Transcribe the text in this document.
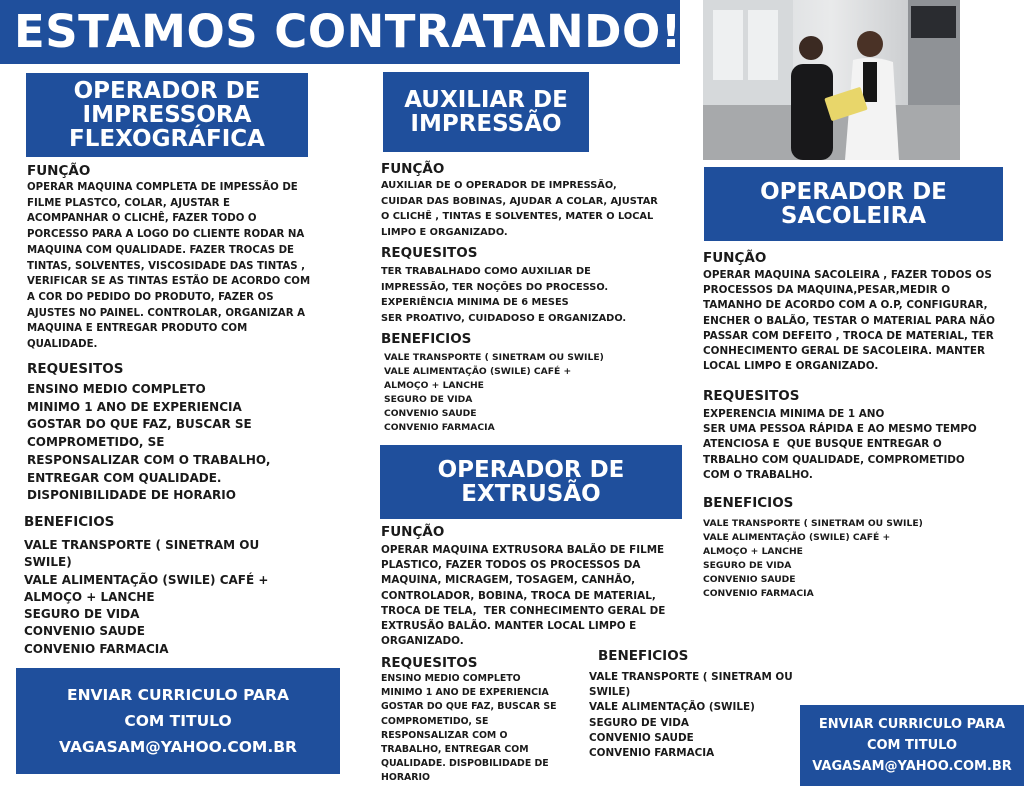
ESTAMOS CONTRATANDO!
OPERADOR DE
IMPRESSORA
FLEXOGRÁFICA
FUNÇÃO
OPERAR MAQUINA COMPLETA DE IMPESSÃO DE
FILME PLASTCO, COLAR, AJUSTAR E
ACOMPANHAR O CLICHÊ, FAZER TODO O
PORCESSO PARA A LOGO DO CLIENTE RODAR NA
MAQUINA COM QUALIDADE. FAZER TROCAS DE
TINTAS, SOLVENTES, VISCOSIDADE DAS TINTAS ,
VERIFICAR SE AS TINTAS ESTÃO DE ACORDO COM
A COR DO PEDIDO DO PRODUTO, FAZER OS
AJUSTES NO PAINEL. CONTROLAR, ORGANIZAR A
MAQUINA E ENTREGAR PRODUTO COM
QUALIDADE.
REQUESITOS
ENSINO MEDIO COMPLETO
MINIMO 1 ANO DE EXPERIENCIA
GOSTAR DO QUE FAZ, BUSCAR SE
COMPROMETIDO, SE
RESPONSALIZAR COM O TRABALHO,
ENTREGAR COM QUALIDADE.
DISPONIBILIDADE DE HORARIO
BENEFICIOS
VALE TRANSPORTE ( SINETRAM OU
SWILE)
VALE ALIMENTAÇÃO (SWILE) CAFÉ +
ALMOÇO + LANCHE
SEGURO DE VIDA
CONVENIO SAUDE
CONVENIO FARMACIA
ENVIAR CURRICULO PARA
COM TITULO
VAGASAM@YAHOO.COM.BR
AUXILIAR DE
IMPRESSÃO
FUNÇÃO
AUXILIAR DE O OPERADOR DE IMPRESSÃO,
CUIDAR DAS BOBINAS, AJUDAR A COLAR, AJUSTAR
O CLICHÊ , TINTAS E SOLVENTES, MATER O LOCAL
LIMPO E ORGANIZADO.
REQUESITOS
TER TRABALHADO COMO AUXILIAR DE
IMPRESSÃO, TER NOÇÕES DO PROCESSO.
EXPERIÊNCIA MINIMA DE 6 MESES
SER PROATIVO, CUIDADOSO E ORGANIZADO.
BENEFICIOS
VALE TRANSPORTE ( SINETRAM OU SWILE)
VALE ALIMENTAÇÃO (SWILE) CAFÉ +
ALMOÇO + LANCHE
SEGURO DE VIDA
CONVENIO SAUDE
CONVENIO FARMACIA
OPERADOR DE
EXTRUSÃO
FUNÇÃO
OPERAR MAQUINA EXTRUSORA BALÃO DE FILME
PLASTICO, FAZER TODOS OS PROCESSOS DA
MAQUINA, MICRAGEM, TOSAGEM, CANHÃO,
CONTROLADOR, BOBINA, TROCA DE MATERIAL,
TROCA DE TELA,  TER CONHECIMENTO GERAL DE
EXTRUSÃO BALÃO. MANTER LOCAL LIMPO E
ORGANIZADO.
REQUESITOS
ENSINO MEDIO COMPLETO
MINIMO 1 ANO DE EXPERIENCIA
GOSTAR DO QUE FAZ, BUSCAR SE
COMPROMETIDO, SE
RESPONSALIZAR COM O
TRABALHO, ENTREGAR COM
QUALIDADE. DISPOBILIDADE DE
HORARIO
BENEFICIOS
VALE TRANSPORTE ( SINETRAM OU
SWILE)
VALE ALIMENTAÇÃO (SWILE)
SEGURO DE VIDA
CONVENIO SAUDE
CONVENIO FARMACIA
OPERADOR DE
SACOLEIRA
FUNÇÃO
OPERAR MAQUINA SACOLEIRA , FAZER TODOS OS
PROCESSOS DA MAQUINA,PESAR,MEDIR O
TAMANHO DE ACORDO COM A O.P, CONFIGURAR,
ENCHER O BALÃO, TESTAR O MATERIAL PARA NÃO
PASSAR COM DEFEITO , TROCA DE MATERIAL, TER
CONHECIMENTO GERAL DE SACOLEIRA. MANTER
LOCAL LIMPO E ORGANIZADO.
REQUESITOS
EXPERENCIA MINIMA DE 1 ANO
SER UMA PESSOA RÁPIDA E AO MESMO TEMPO
ATENCIOSA E  QUE BUSQUE ENTREGAR O
TRBALHO COM QUALIDADE, COMPROMETIDO
COM O TRABALHO.
BENEFICIOS
VALE TRANSPORTE ( SINETRAM OU SWILE)
VALE ALIMENTAÇÃO (SWILE) CAFÉ +
ALMOÇO + LANCHE
SEGURO DE VIDA
CONVENIO SAUDE
CONVENIO FARMACIA
ENVIAR CURRICULO PARA
COM TITULO
VAGASAM@YAHOO.COM.BR
